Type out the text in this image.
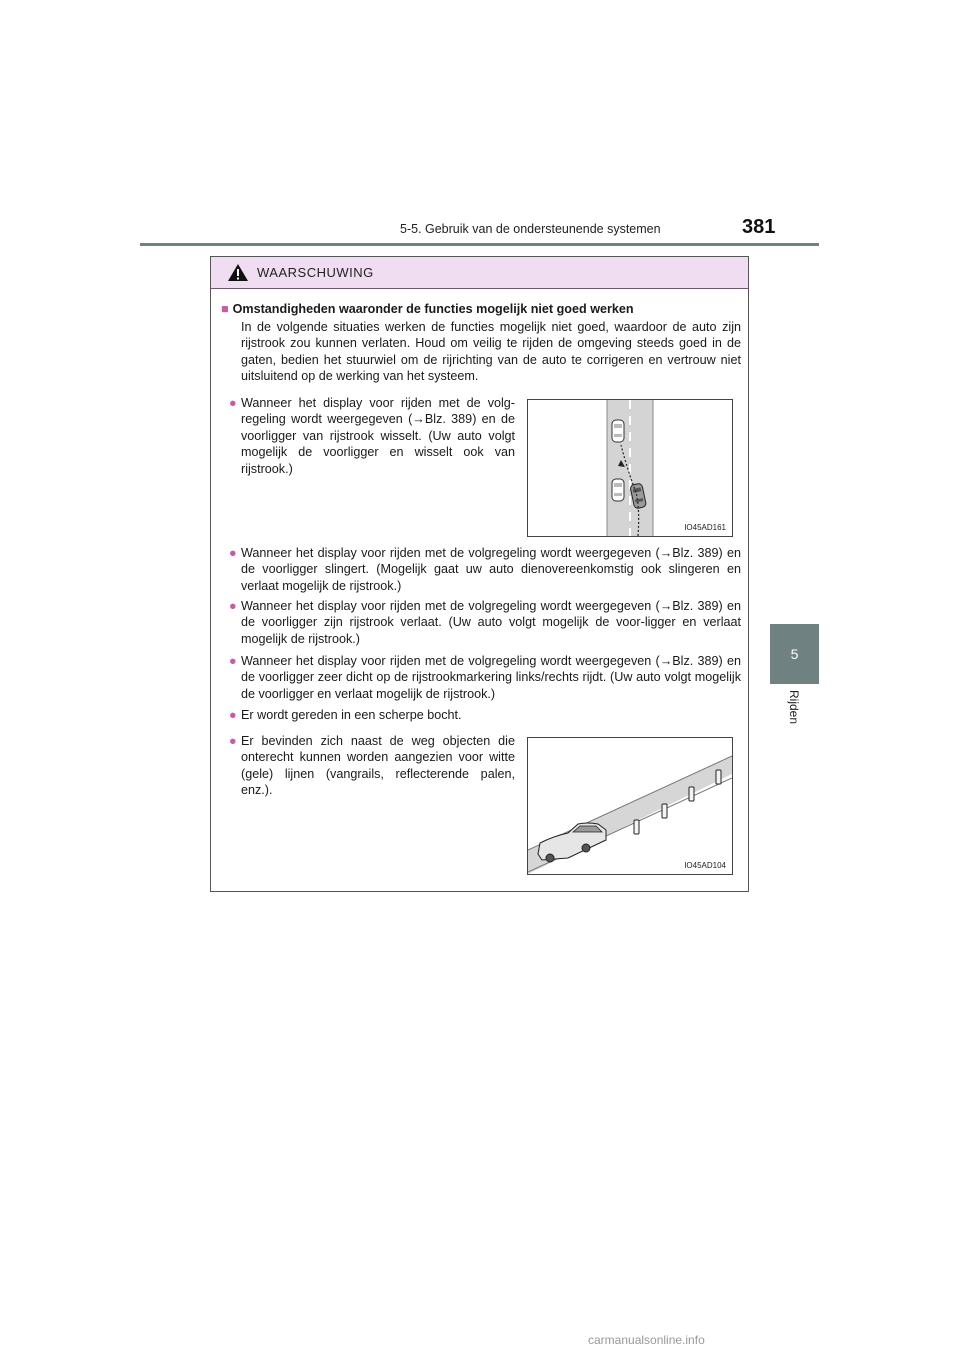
5-5. Gebruik van de ondersteunende systemen	381
5
Rijden
WAARSCHUWING
■ Omstandigheden waaronder de functies mogelijk niet goed werken
In de volgende situaties werken de functies mogelijk niet goed, waardoor de auto zijn rijstrook zou kunnen verlaten. Houd om veilig te rijden de omgeving steeds goed in de gaten, bedien het stuurwiel om de rijrichting van de auto te corrigeren en vertrouw niet uitsluitend op de werking van het systeem.
● Wanneer het display voor rijden met de volg-regeling wordt weergegeven (→Blz. 389) en de voorligger van rijstrook wisselt. (Uw auto volgt mogelijk de voorligger en wisselt ook van rijstrook.)
IO45AD161
● Wanneer het display voor rijden met de volgregeling wordt weergegeven (→Blz. 389) en de voorligger slingert. (Mogelijk gaat uw auto dienovereenkomstig ook slingeren en verlaat mogelijk de rijstrook.)
● Wanneer het display voor rijden met de volgregeling wordt weergegeven (→Blz. 389) en de voorligger zijn rijstrook verlaat. (Uw auto volgt mogelijk de voor-ligger en verlaat mogelijk de rijstrook.)
● Wanneer het display voor rijden met de volgregeling wordt weergegeven (→Blz. 389) en de voorligger zeer dicht op de rijstrookmarkering links/rechts rijdt. (Uw auto volgt mogelijk de voorligger en verlaat mogelijk de rijstrook.)
● Er wordt gereden in een scherpe bocht.
● Er bevinden zich naast de weg objecten die onterecht kunnen worden aangezien voor witte (gele) lijnen (vangrails, reflecterende palen, enz.).
IO45AD104
carmanualsonline.info
